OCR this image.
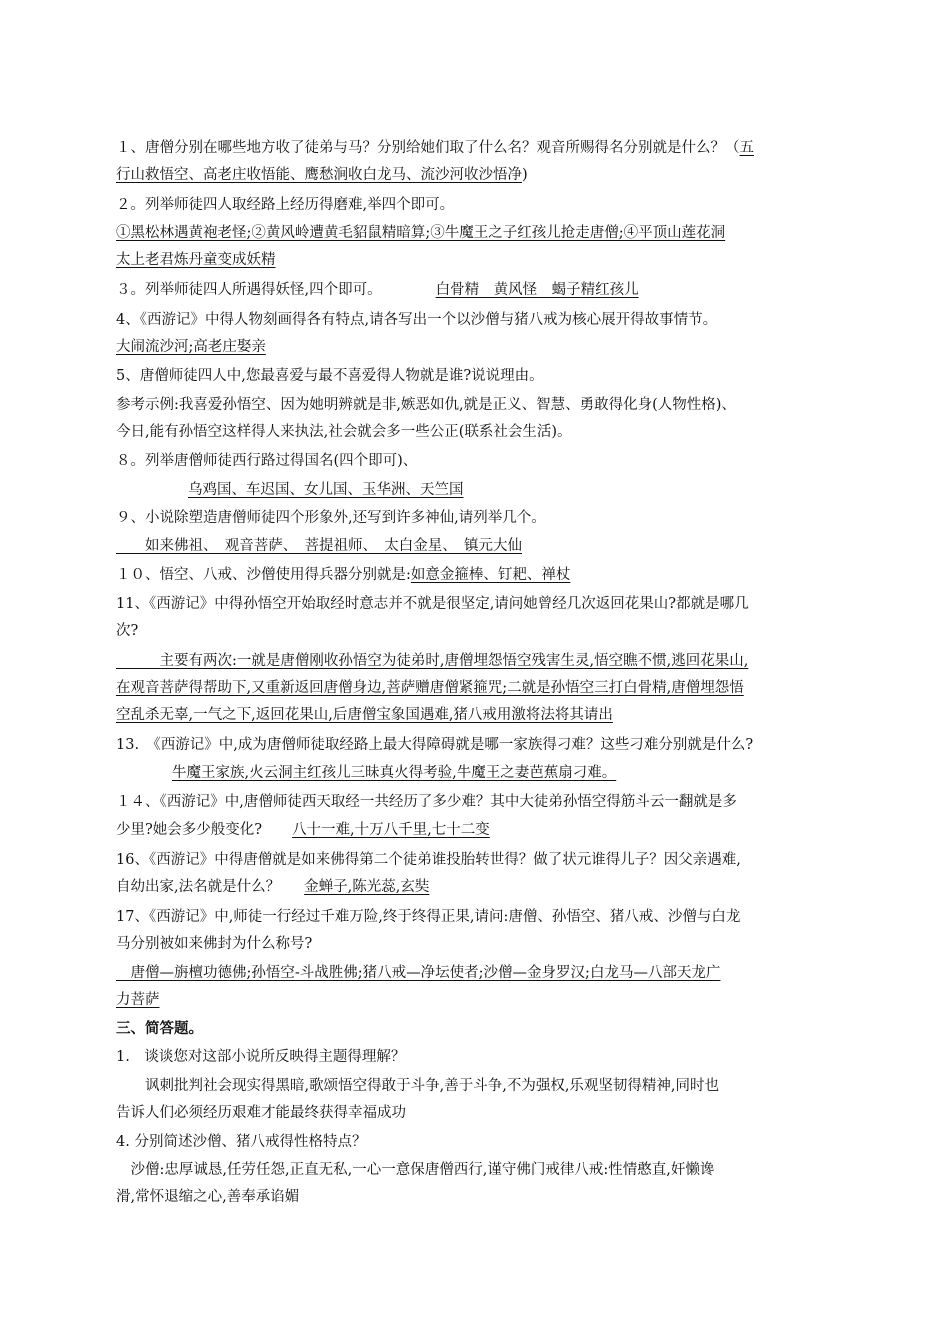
１、唐僧分别在哪些地方收了徒弟与马？分别给她们取了什么名？观音所赐得名分别就是什么？（五
行山救悟空、高老庄收悟能、鹰愁涧收白龙马、流沙河收沙悟净)
２。列举师徒四人取经路上经历得磨难,举四个即可。
①黑松林遇黄袍老怪;②黄风岭遭黄毛貂鼠精暗算;③牛魔王之子红孩儿抢走唐僧;④平顶山莲花洞
太上老君炼丹童变成妖精
３。列举师徒四人所遇得妖怪,四个即可。	白骨精　黄风怪　蝎子精红孩儿
4、《西游记》中得人物刻画得各有特点,请各写出一个以沙僧与猪八戒为核心展开得故事情节。
大闹流沙河;高老庄娶亲
5、唐僧师徒四人中,您最喜爱与最不喜爱得人物就是谁?说说理由。
参考示例:我喜爱孙悟空、因为她明辨就是非,嫉恶如仇,就是正义、智慧、勇敢得化身(人物性格)、
今日,能有孙悟空这样得人来执法,社会就会多一些公正(联系社会生活)。
８。列举唐僧师徒西行路过得国名(四个即可)、
乌鸡国、车迟国、女儿国、玉华洲、天竺国
９、小说除塑造唐僧师徒四个形象外,还写到许多神仙,请列举几个。
　　如来佛祖、　观音菩萨、　菩提祖师、　太白金星、　镇元大仙
１０、悟空、八戒、沙僧使用得兵器分别就是:如意金箍棒、钉耙、禅杖
11、《西游记》中得孙悟空开始取经时意志并不就是很坚定,请问她曾经几次返回花果山?都就是哪几
次?
　　　主要有两次:一就是唐僧刚收孙悟空为徒弟时,唐僧埋怨悟空残害生灵,悟空瞧不惯,逃回花果山,
在观音菩萨得帮助下,又重新返回唐僧身边,菩萨赠唐僧紧箍咒;二就是孙悟空三打白骨精,唐僧埋怨悟
空乱杀无辜,一气之下,返回花果山,后唐僧宝象国遇难,猪八戒用激将法将其请出
13.　《西游记》中,成为唐僧师徒取经路上最大得障碍就是哪一家族得刁难？这些刁难分别就是什么?
牛魔王家族,火云洞主红孩儿三昧真火得考验,牛魔王之妻芭蕉扇刁难。
１４、《西游记》中,唐僧师徒西天取经一共经历了多少难？其中大徒弟孙悟空得筋斗云一翻就是多
少里?她会多少般变化? 八十一难,十万八千里,七十二变
16、《西游记》中得唐僧就是如来佛得第二个徒弟谁投胎转世得？做了状元谁得儿子？因父亲遇难,
自幼出家,法名就是什么？ 金蝉子,陈光蕊,玄奘
17、《西游记》中,师徒一行经过千难万险,终于终得正果,请问:唐僧、孙悟空、猪八戒、沙僧与白龙
马分别被如来佛封为什么称号?
　唐僧—旃檀功德佛;孙悟空-斗战胜佛;猪八戒—净坛使者;沙僧—金身罗汉;白龙马—八部天龙广
力菩萨
三、简答题。
1.　谈谈您对这部小说所反映得主题得理解？
　　讽刺批判社会现实得黑暗,歌颂悟空得敢于斗争,善于斗争,不为强权,乐观坚韧得精神,同时也
告诉人们必须经历艰难才能最终获得幸福成功
4. 分别简述沙僧、猪八戒得性格特点？
　沙僧:忠厚诚恳,任劳任怨,正直无私,一心一意保唐僧西行,谨守佛门戒律八戒:性情憨直,奸懒谗
滑,常怀退缩之心,善奉承谄媚
